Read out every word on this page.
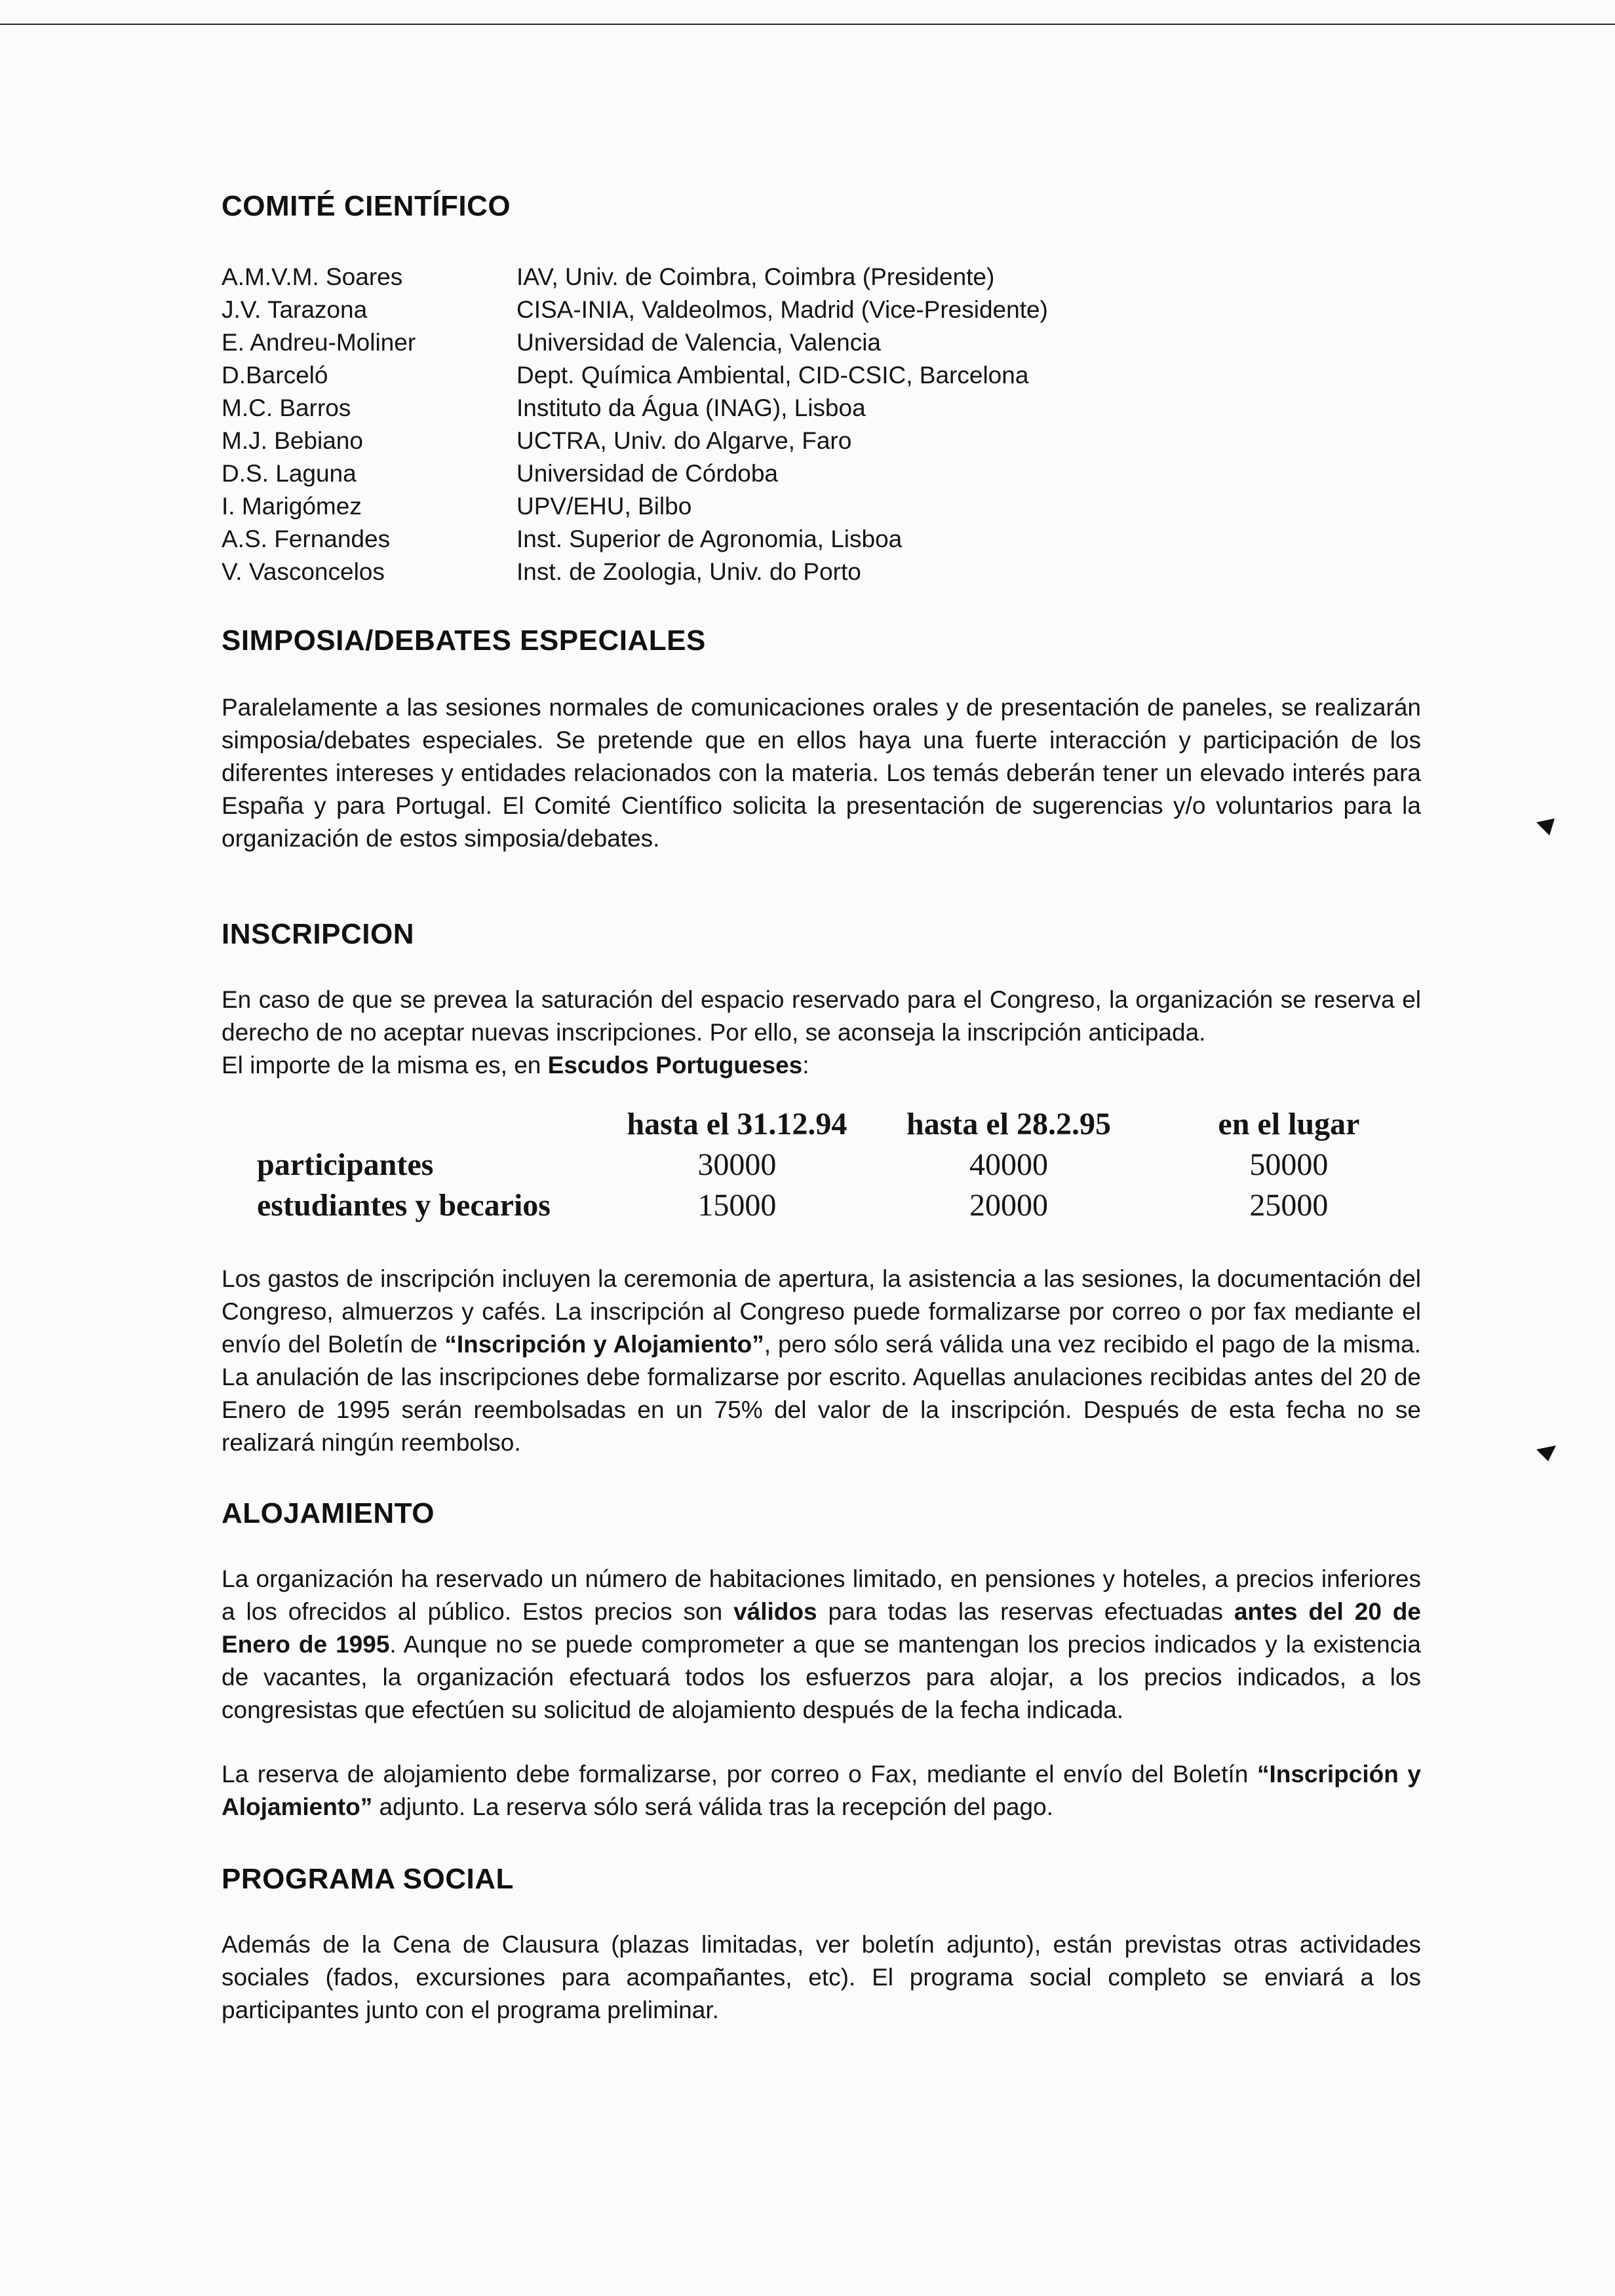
COMITÉ CIENTÍFICO
A.M.V.M. Soares	IAV, Univ. de Coimbra, Coimbra (Presidente)
J.V. Tarazona	CISA-INIA, Valdeolmos, Madrid (Vice-Presidente)
E. Andreu-Moliner	Universidad de Valencia, Valencia
D.Barceló	Dept. Química Ambiental, CID-CSIC, Barcelona
M.C. Barros	Instituto da Água (INAG), Lisboa
M.J. Bebiano	UCTRA, Univ. do Algarve, Faro
D.S. Laguna	Universidad de Córdoba
I. Marigómez	UPV/EHU, Bilbo
A.S. Fernandes	Inst. Superior de Agronomia, Lisboa
V. Vasconcelos	Inst. de Zoologia, Univ. do Porto
SIMPOSIA/DEBATES ESPECIALES

Paralelamente a las sesiones normales de comunicaciones orales y de presentación de paneles, se realizarán simposia/debates especiales. Se pretende que en ellos haya una fuerte interacción y participación de los diferentes intereses y entidades relacionados con la materia. Los temás deberán tener un elevado interés para España y para Portugal. El Comité Científico solicita la presentación de sugerencias y/o voluntarios para la organización de estos simposia/debates.

INSCRIPCION

En caso de que se prevea la saturación del espacio reservado para el Congreso, la organización se reserva el derecho de no aceptar nuevas inscripciones. Por ello, se aconseja la inscripción anticipada.

El importe de la misma es, en Escudos Portugueses:

	hasta el 31.12.94	hasta el 28.2.95	en el lugar
participantes	30000	40000	50000
estudiantes y becarios	15000	20000	25000

Los gastos de inscripción incluyen la ceremonia de apertura, la asistencia a las sesiones, la documentación del Congreso, almuerzos y cafés. La inscripción al Congreso puede formalizarse por correo o por fax mediante el envío del Boletín de “Inscripción y Alojamiento”, pero sólo será válida una vez recibido el pago de la misma. La anulación de las inscripciones debe formalizarse por escrito. Aquellas anulaciones recibidas antes del 20 de Enero de 1995 serán reembolsadas en un 75% del valor de la inscripción. Después de esta fecha no se realizará ningún reembolso.

ALOJAMIENTO

La organización ha reservado un número de habitaciones limitado, en pensiones y hoteles, a precios inferiores a los ofrecidos al público. Estos precios son válidos para todas las reservas efectuadas antes del 20 de Enero de 1995. Aunque no se puede comprometer a que se mantengan los precios indicados y la existencia de vacantes, la organización efectuará todos los esfuerzos para alojar, a los precios indicados, a los congresistas que efectúen su solicitud de alojamiento después de la fecha indicada.

La reserva de alojamiento debe formalizarse, por correo o Fax, mediante el envío del Boletín “Inscripción y Alojamiento” adjunto. La reserva sólo será válida tras la recepción del pago.

PROGRAMA SOCIAL

Además de la Cena de Clausura (plazas limitadas, ver boletín adjunto), están previstas otras actividades sociales (fados, excursiones para acompañantes, etc). El programa social completo se enviará a los participantes junto con el programa preliminar.
